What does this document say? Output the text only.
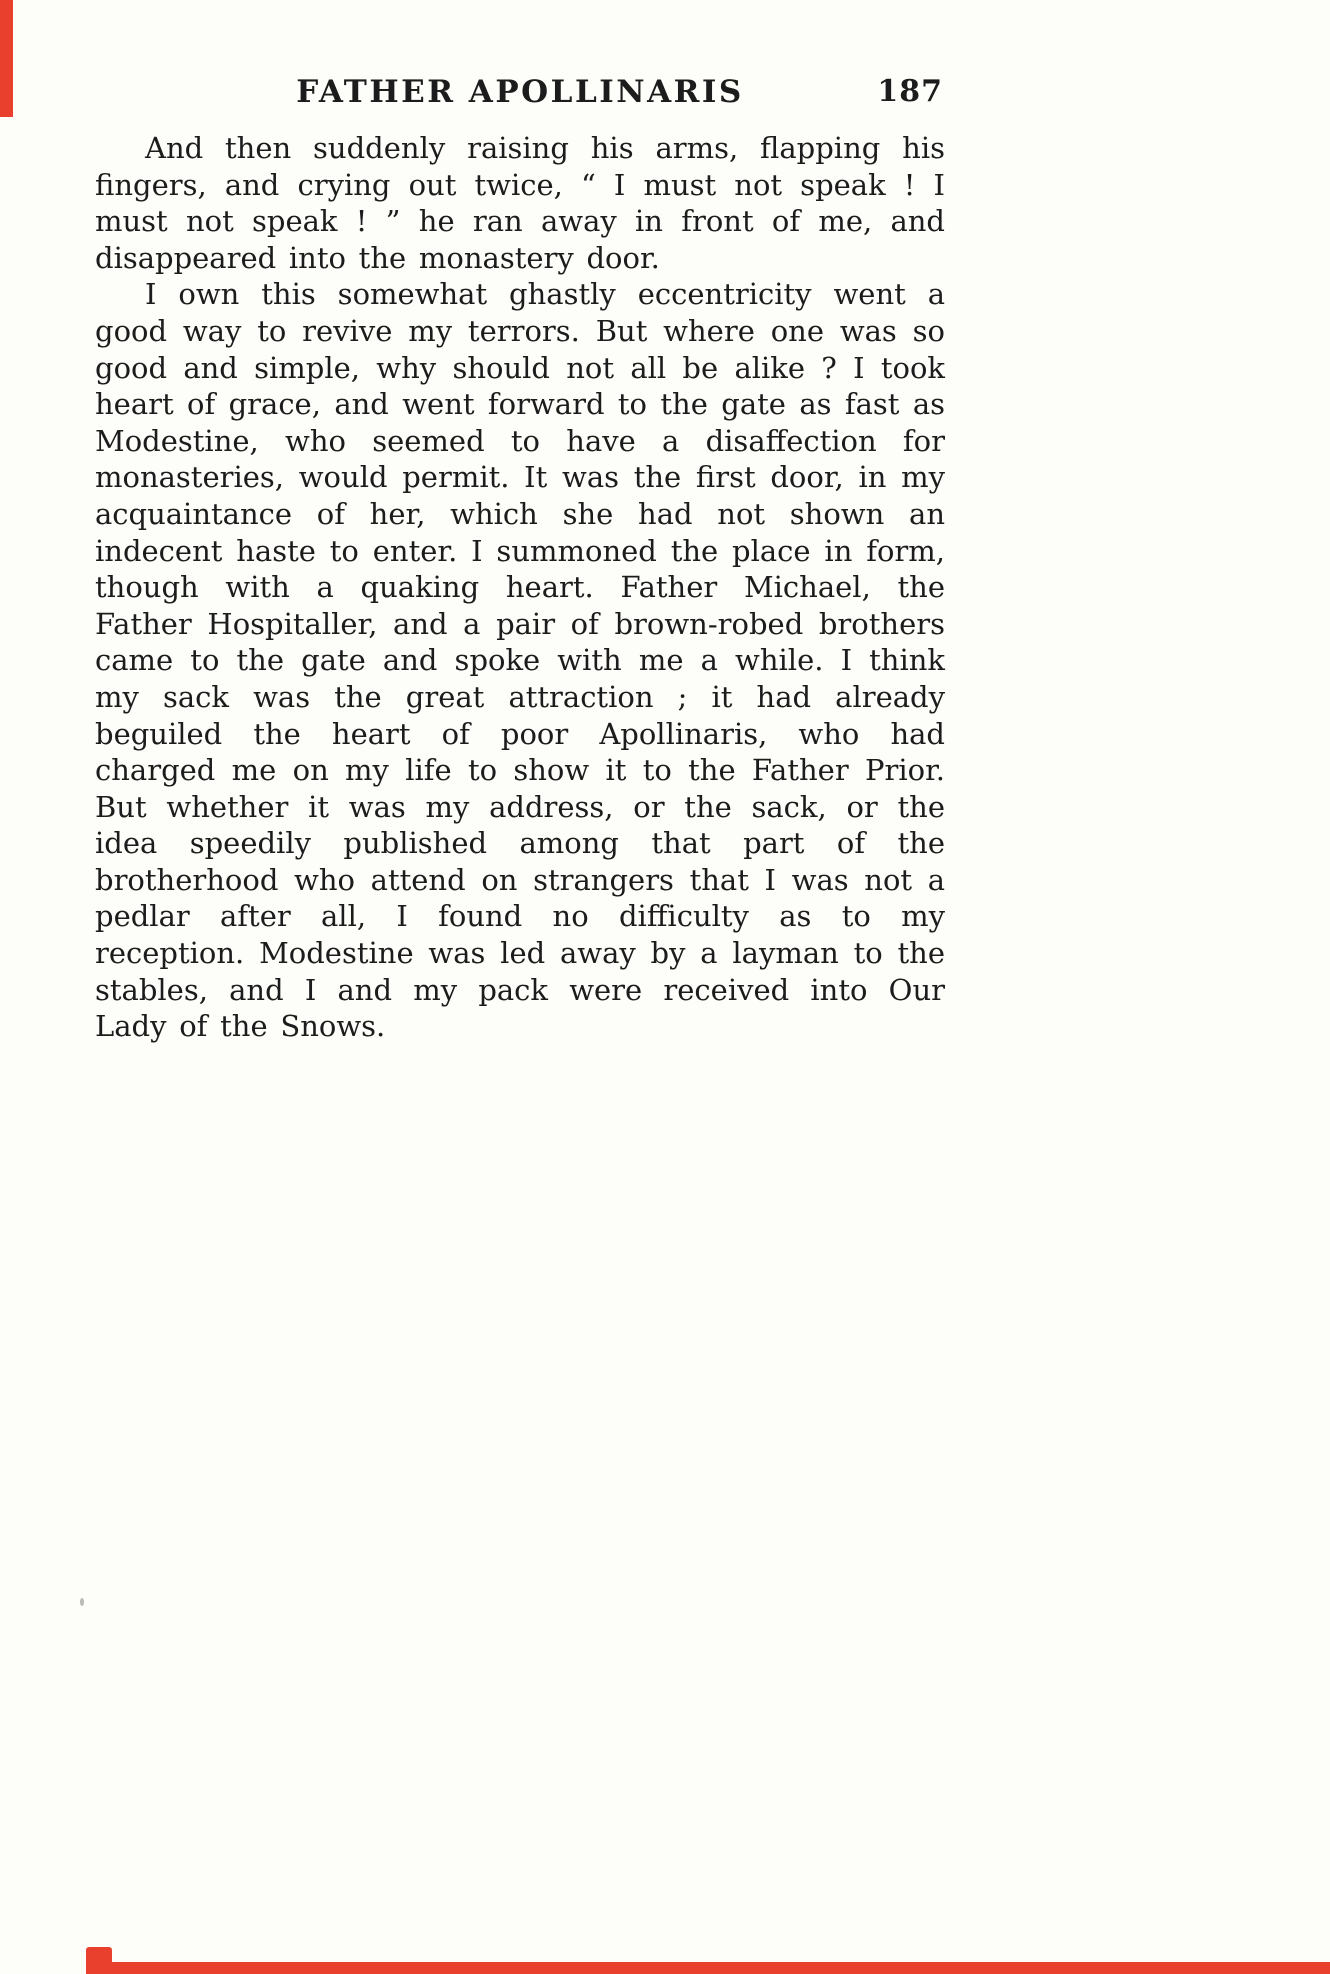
FATHER APOLLINARIS	187

And then suddenly raising his arms, flapping his fingers, and crying out twice, “ I must not speak ! I must not speak ! ” he ran away in front of me, and disappeared into the monastery door.

I own this somewhat ghastly eccentricity went a good way to revive my terrors. But where one was so good and simple, why should not all be alike ? I took heart of grace, and went forward to the gate as fast as Modestine, who seemed to have a disaffection for monasteries, would permit. It was the first door, in my acquaintance of her, which she had not shown an indecent haste to enter. I summoned the place in form, though with a quaking heart. Father Michael, the Father Hospitaller, and a pair of brown-robed brothers came to the gate and spoke with me a while. I think my sack was the great attraction ; it had already beguiled the heart of poor Apollinaris, who had charged me on my life to show it to the Father Prior. But whether it was my address, or the sack, or the idea speedily published among that part of the brotherhood who attend on strangers that I was not a pedlar after all, I found no difficulty as to my reception. Modestine was led away by a layman to the stables, and I and my pack were received into Our Lady of the Snows.
